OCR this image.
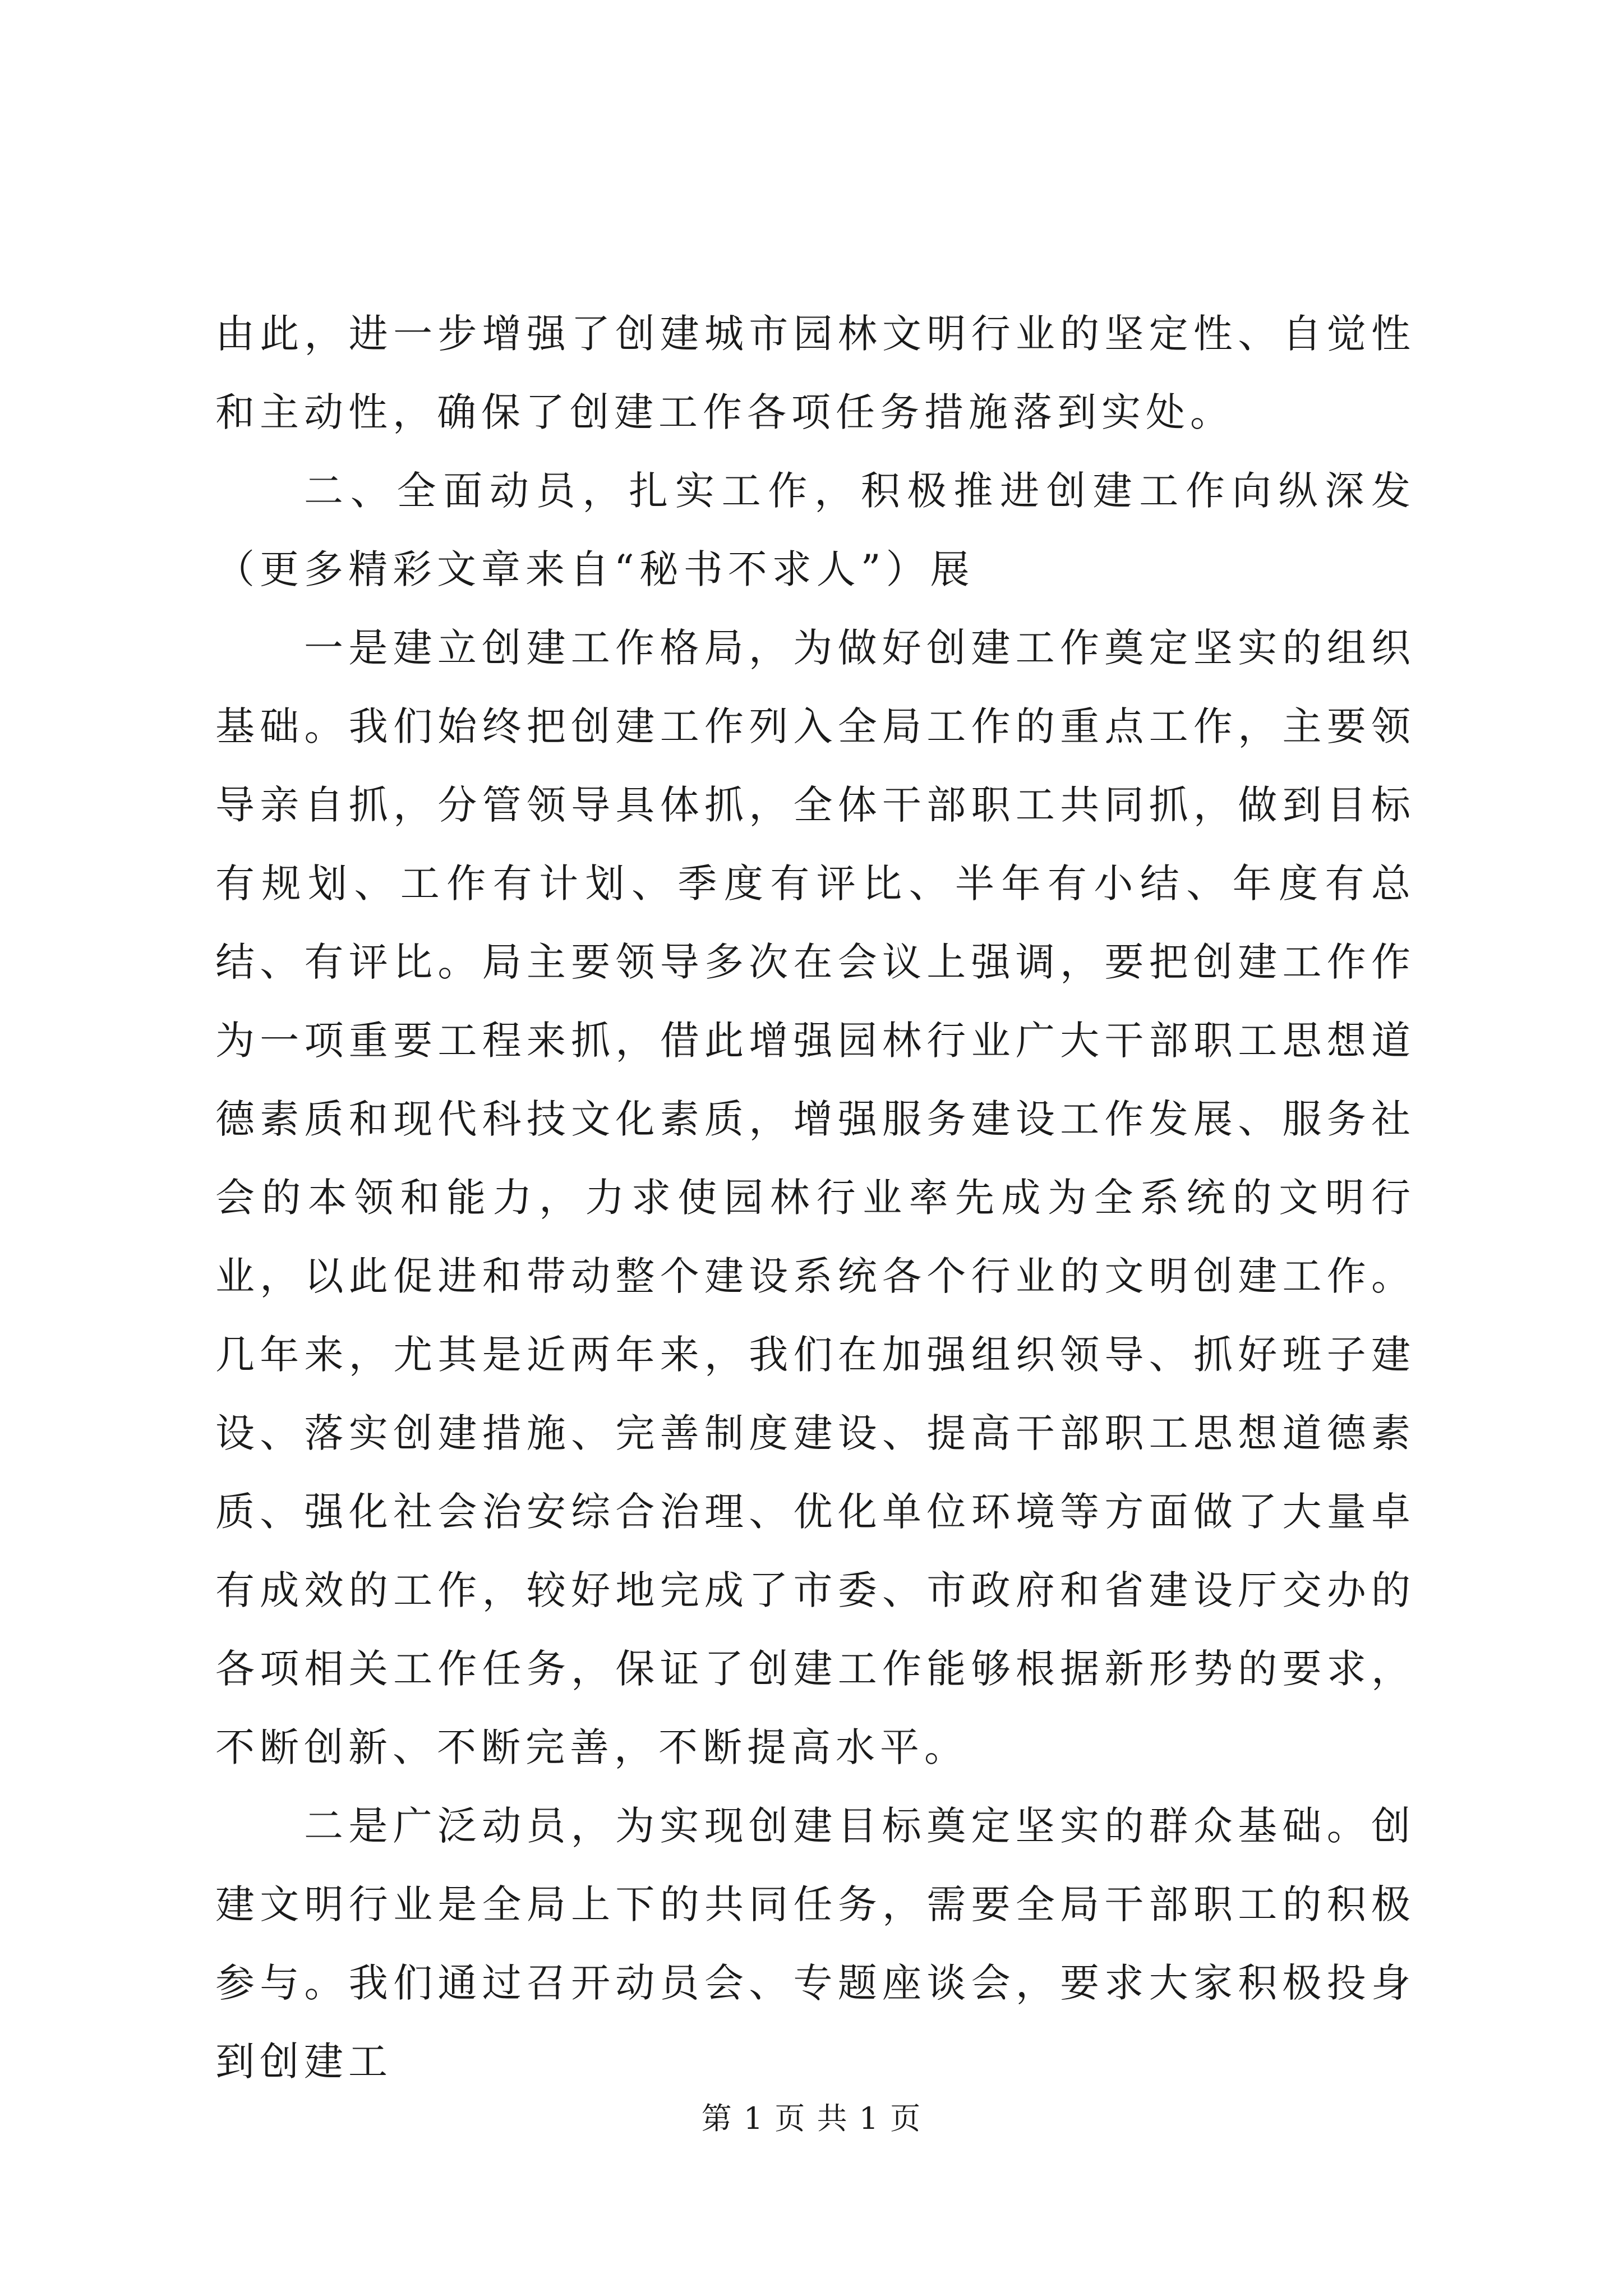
由此，进一步增强了创建城市园林文明行业的坚定性、自觉性和主动性，确保了创建工作各项任务措施落到实处。

二、全面动员，扎实工作，积极推进创建工作向纵深发（更多精彩文章来自“秘书不求人”）展

一是建立创建工作格局，为做好创建工作奠定坚实的组织基础。我们始终把创建工作列入全局工作的重点工作，主要领导亲自抓，分管领导具体抓，全体干部职工共同抓，做到目标有规划、工作有计划、季度有评比、半年有小结、年度有总结、有评比。局主要领导多次在会议上强调，要把创建工作作为一项重要工程来抓，借此增强园林行业广大干部职工思想道德素质和现代科技文化素质，增强服务建设工作发展、服务社会的本领和能力，力求使园林行业率先成为全系统的文明行业，以此促进和带动整个建设系统各个行业的文明创建工作。几年来，尤其是近两年来，我们在加强组织领导、抓好班子建设、落实创建措施、完善制度建设、提高干部职工思想道德素质、强化社会治安综合治理、优化单位环境等方面做了大量卓有成效的工作，较好地完成了市委、市政府和省建设厅交办的各项相关工作任务，保证了创建工作能够根据新形势的要求，不断创新、不断完善，不断提高水平。

二是广泛动员，为实现创建目标奠定坚实的群众基础。创建文明行业是全局上下的共同任务，需要全局干部职工的积极参与。我们通过召开动员会、专题座谈会，要求大家积极投身到创建工

第 1 页 共 1 页
